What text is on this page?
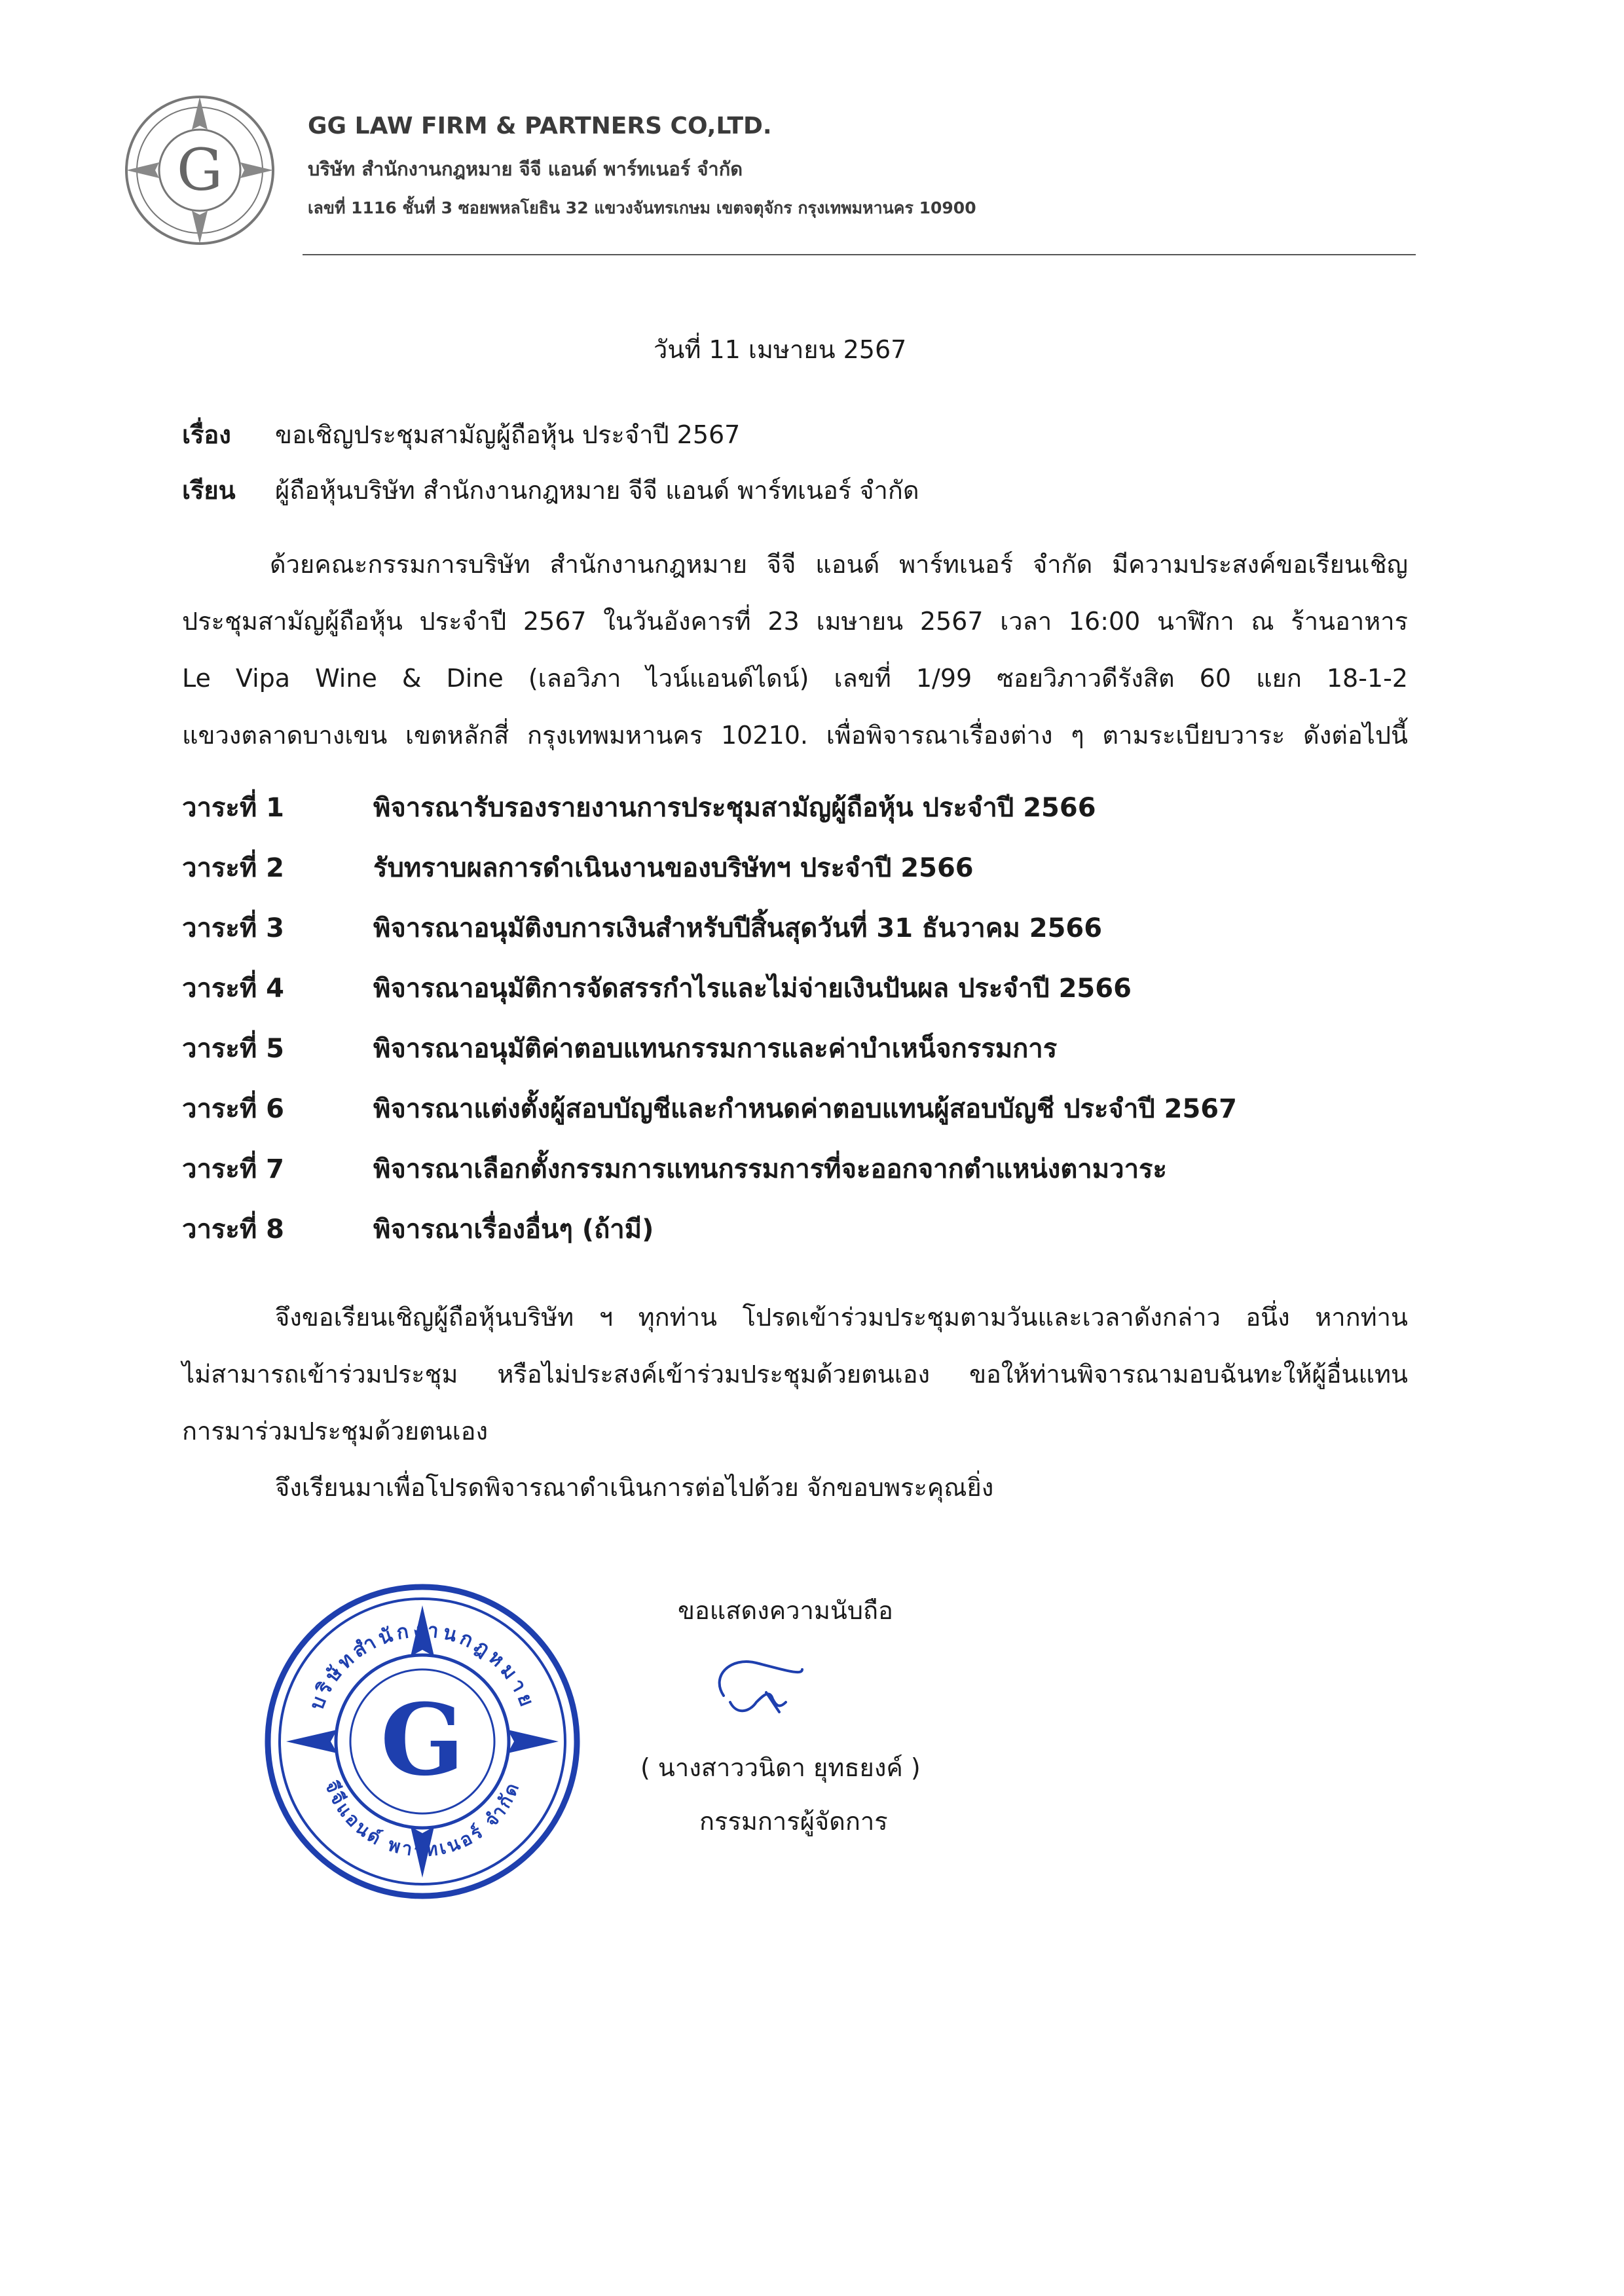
G
GG LAW FIRM & PARTNERS CO,LTD.
บริษัท สำนักงานกฎหมาย จีจี แอนด์ พาร์ทเนอร์ จำกัด
เลขที่ 1116 ชั้นที่ 3 ซอยพหลโยธิน 32 แขวงจันทรเกษม เขตจตุจักร กรุงเทพมหานคร 10900
วันที่ 11 เมษายน 2567
เรื่อง ขอเชิญประชุมสามัญผู้ถือหุ้น ประจำปี 2567
เรียน ผู้ถือหุ้นบริษัท สำนักงานกฎหมาย จีจี แอนด์ พาร์ทเนอร์ จำกัด
ด้วยคณะกรรมการบริษัท สำนักงานกฎหมาย จีจี แอนด์ พาร์ทเนอร์ จำกัด มีความประสงค์ขอเรียนเชิญ
ประชุมสามัญผู้ถือหุ้น ประจำปี 2567 ในวันอังคารที่ 23 เมษายน 2567 เวลา 16:00 นาฬิกา ณ ร้านอาหาร
Le Vipa Wine & Dine (เลอวิภา ไวน์แอนด์ไดน์) เลขที่ 1/99 ซอยวิภาวดีรังสิต 60 แยก 18-1-2
แขวงตลาดบางเขน เขตหลักสี่ กรุงเทพมหานคร 10210. เพื่อพิจารณาเรื่องต่าง ๆ ตามระเบียบวาระ ดังต่อไปนี้
วาระที่ 1	พิจารณารับรองรายงานการประชุมสามัญผู้ถือหุ้น ประจำปี 2566
วาระที่ 2	รับทราบผลการดำเนินงานของบริษัทฯ ประจำปี 2566
วาระที่ 3	พิจารณาอนุมัติงบการเงินสำหรับปีสิ้นสุดวันที่ 31 ธันวาคม 2566
วาระที่ 4	พิจารณาอนุมัติการจัดสรรกำไรและไม่จ่ายเงินปันผล ประจำปี 2566
วาระที่ 5	พิจารณาอนุมัติค่าตอบแทนกรรมการและค่าบำเหน็จกรรมการ
วาระที่ 6	พิจารณาแต่งตั้งผู้สอบบัญชีและกำหนดค่าตอบแทนผู้สอบบัญชี ประจำปี 2567
วาระที่ 7	พิจารณาเลือกตั้งกรรมการแทนกรรมการที่จะออกจากตำแหน่งตามวาระ
วาระที่ 8	พิจารณาเรื่องอื่นๆ (ถ้ามี)
จึงขอเรียนเชิญผู้ถือหุ้นบริษัท ฯ ทุกท่าน โปรดเข้าร่วมประชุมตามวันและเวลาดังกล่าว อนึ่ง หากท่าน
ไม่สามารถเข้าร่วมประชุม หรือไม่ประสงค์เข้าร่วมประชุมด้วยตนเอง ขอให้ท่านพิจารณามอบฉันทะให้ผู้อื่นแทน
การมาร่วมประชุมด้วยตนเอง
จึงเรียนมาเพื่อโปรดพิจารณาดำเนินการต่อไปด้วย จักขอบพระคุณยิ่ง
บริษัทสำนักงานกฎหมาย
จีจีแอนด์ พาร์ทเนอร์ จำกัด
G
ขอแสดงความนับถือ
( นางสาววนิดา ยุทธยงค์ )
กรรมการผู้จัดการ
